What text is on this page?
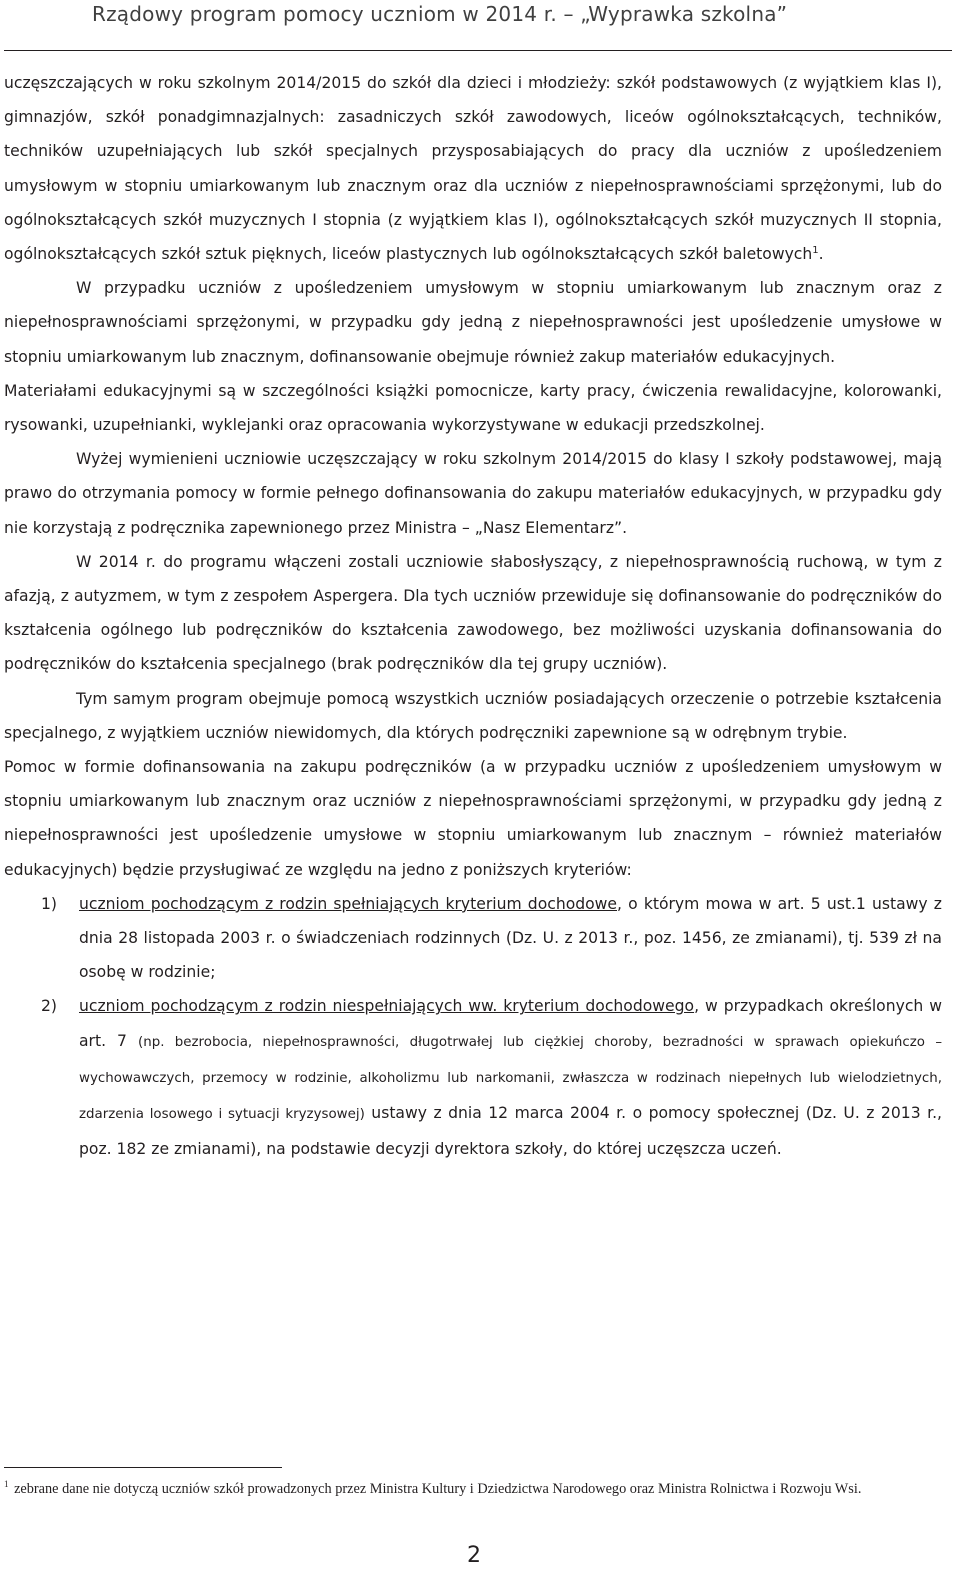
Rządowy program pomocy uczniom w 2014 r. – „Wyprawka szkolna”

uczęszczających w roku szkolnym 2014/2015 do szkół dla dzieci i młodzieży: szkół podstawowych (z wyjątkiem klas I), gimnazjów, szkół ponadgimnazjalnych: zasadniczych szkół zawodowych, liceów ogólnokształcących, techników, techników uzupełniających lub szkół specjalnych przysposabiających do pracy dla uczniów z upośledzeniem umysłowym w stopniu umiarkowanym lub znacznym oraz dla uczniów z niepełnosprawnościami sprzężonymi, lub do ogólnokształcących szkół muzycznych I stopnia (z wyjątkiem klas I), ogólnokształcących szkół muzycznych II stopnia, ogólnokształcących szkół sztuk pięknych, liceów plastycznych lub ogólnokształcących szkół baletowych$^1$.

W przypadku uczniów z upośledzeniem umysłowym w stopniu umiarkowanym lub znacznym oraz z niepełnosprawnościami sprzężonymi, w przypadku gdy jedną z niepełnosprawności jest upośledzenie umysłowe w stopniu umiarkowanym lub znacznym, dofinansowanie obejmuje również zakup materiałów edukacyjnych.

Materiałami edukacyjnymi są w szczególności książki pomocnicze, karty pracy, ćwiczenia rewalidacyjne, kolorowanki, rysowanki, uzupełnianki, wyklejanki oraz opracowania wykorzystywane w edukacji przedszkolnej.

Wyżej wymienieni uczniowie uczęszczający w roku szkolnym 2014/2015 do klasy I szkoły podstawowej, mają prawo do otrzymania pomocy w formie pełnego dofinansowania do zakupu materiałów edukacyjnych, w przypadku gdy nie korzystają z podręcznika zapewnionego przez Ministra – „Nasz Elementarz”.

W 2014 r. do programu włączeni zostali uczniowie słabosłyszący, z niepełnosprawnością ruchową, w tym z afazją, z autyzmem, w tym z zespołem Aspergera. Dla tych uczniów przewiduje się dofinansowanie do podręczników do kształcenia ogólnego lub podręczników do kształcenia zawodowego, bez możliwości uzyskania dofinansowania do podręczników do kształcenia specjalnego (brak podręczników dla tej grupy uczniów).

Tym samym program obejmuje pomocą wszystkich uczniów posiadających orzeczenie o potrzebie kształcenia specjalnego, z wyjątkiem uczniów niewidomych, dla których podręczniki zapewnione są w odrębnym trybie.

Pomoc w formie dofinansowania na zakupu podręczników (a w przypadku uczniów z upośledzeniem umysłowym w stopniu umiarkowanym lub znacznym oraz uczniów z niepełnosprawnościami sprzężonymi, w przypadku gdy jedną z niepełnosprawności jest upośledzenie umysłowe w stopniu umiarkowanym lub znacznym – również materiałów edukacyjnych) będzie przysługiwać ze względu na jedno z poniższych kryteriów:

1) uczniom pochodzącym z rodzin spełniających kryterium dochodowe, o którym mowa w art. 5 ust.1 ustawy z dnia 28 listopada 2003 r. o świadczeniach rodzinnych (Dz. U. z 2013 r., poz. 1456, ze zmianami), tj. 539 zł na osobę w rodzinie;
2) uczniom pochodzącym z rodzin niespełniających ww. kryterium dochodowego, w przypadkach określonych w art. 7 (np. bezrobocia, niepełnosprawności, długotrwałej lub ciężkiej choroby, bezradności w sprawach opiekuńczo – wychowawczych, przemocy w rodzinie, alkoholizmu lub narkomanii, zwłaszcza w rodzinach niepełnych lub wielodzietnych, zdarzenia losowego i sytuacji kryzysowej) ustawy z dnia 12 marca 2004 r. o pomocy społecznej (Dz. U. z 2013 r., poz. 182 ze zmianami), na podstawie decyzji dyrektora szkoły, do której uczęszcza uczeń.
$^1$ zebrane dane nie dotyczą uczniów szkół prowadzonych przez Ministra Kultury i Dziedzictwa Narodowego oraz Ministra Rolnictwa i Rozwoju Wsi.
2
